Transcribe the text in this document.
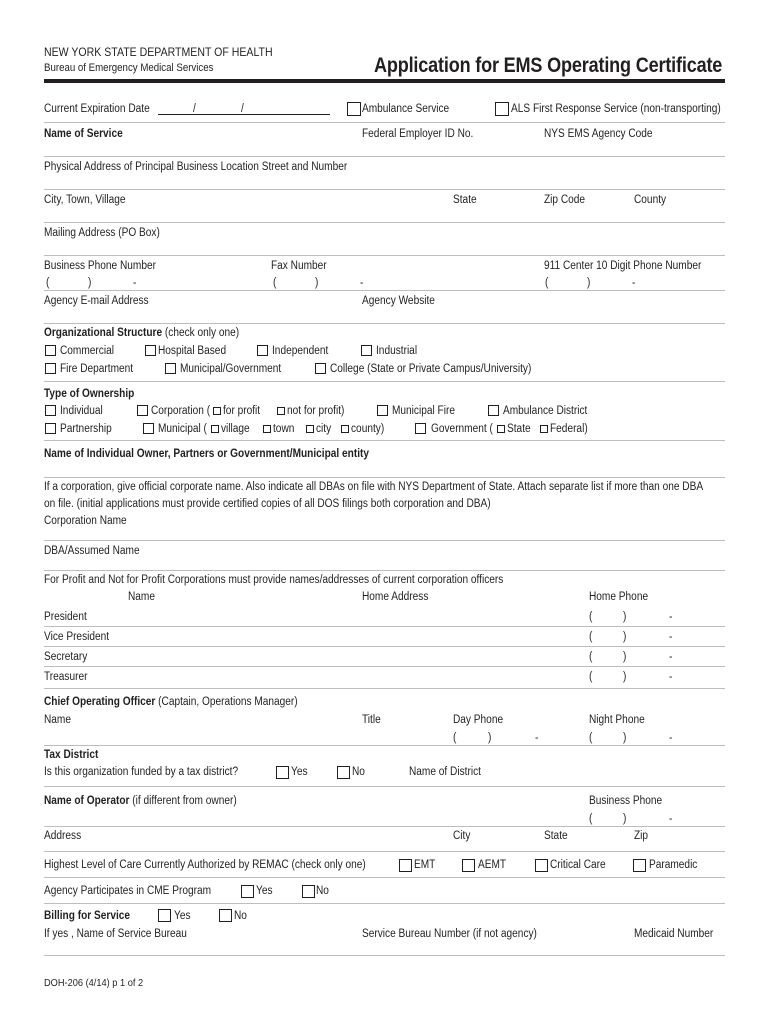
NEW YORK STATE DEPARTMENT OF HEALTH
Bureau of Emergency Medical Services	Application for EMS Operating Certificate
Current Expiration Date	/	/	Ambulance Service	ALS First Response Service (non-transporting)
Name of Service	Federal Employer ID No.	NYS EMS Agency Code
Physical Address of Principal Business Location Street and Number
City, Town, Village	State	Zip Code	County
Mailing Address (PO Box)
Business Phone Number	Fax Number	911 Center 10 Digit Phone Number
(	)	-	(	)	-	(	)	-
Agency E-mail Address	Agency Website
Organizational Structure (check only one)
Commercial	Hospital Based	Independent	Industrial
Fire Department	Municipal/Government	College (State or Private Campus/University)
Type of Ownership
Individual	Corporation ( for profit not for profit)	Municipal Fire	Ambulance District
Partnership	Municipal ( village town city county)	Government ( State Federal)
Name of Individual Owner, Partners or Government/Municipal entity
If a corporation, give official corporate name. Also indicate all DBAs on file with NYS Department of State. Attach separate list if more than one DBA
on file. (initial applications must provide certified copies of all DOS filings both corporation and DBA)
Corporation Name
DBA/Assumed Name
For Profit and Not for Profit Corporations must provide names/addresses of current corporation officers
Name	Home Address	Home Phone
President	(	)	-
Vice President	(	)	-
Secretary	(	)	-
Treasurer	(	)	-
Chief Operating Officer (Captain, Operations Manager)
Name	Title	Day Phone	Night Phone
(	)	-	(	)	-
Tax District
Is this organization funded by a tax district?	Yes	No	Name of District
Name of Operator (if different from owner)	Business Phone
(	)	-
Address	City	State	Zip
Highest Level of Care Currently Authorized by REMAC (check only one)	EMT	AEMT	Critical Care	Paramedic
Agency Participates in CME Program	Yes	No
Billing for Service	Yes	No
If yes , Name of Service Bureau	Service Bureau Number (if not agency)	Medicaid Number
DOH-206 (4/14) p 1 of 2
